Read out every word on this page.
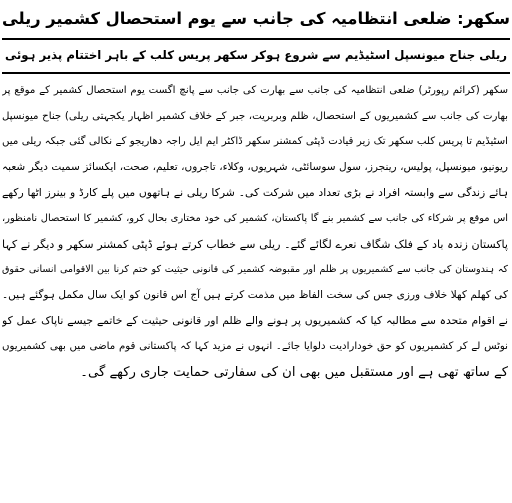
سکھر: ضلعی انتظامیہ کی جانب سے یوم استحصال کشمیر ریلی
ریلی جناح میونسپل اسٹیڈیم سے شروع ہوکر سکھر پریس کلب کے باہر اختتام پذیر ہوئی
سکھر (کرائم رپورٹر) ضلعی انتظامیہ کی جانب سے بھارت کی جانب سے پانچ اگست یوم استحصال کشمیر کے موقع پر
بھارت کی جانب سے کشمیریوں کے استحصال، ظلم وبربریت، جبر کے خلاف کشمیر اظہار یکجہتی ریلی) جناح میونسپل
اسٹیڈیم تا پریس کلب سکھر تک زیر قیادت ڈپٹی کمشنر سکھر ڈاکٹر ایم ایل راجہ دھاریجو کے نکالی گئی جبکہ ریلی میں
ریونیو، میونسپل، پولیس، رینجرز، سول سوسائٹی، شہریوں، وکلاء، تاجروں، تعلیم، صحت، ایکسائز سمیت دیگر شعبہ
ہائے زندگی سے وابستہ افراد نے بڑی تعداد میں شرکت کی۔ شرکا ریلی نے ہاتھوں میں پلے کارڈ و بینرز اٹھا رکھے
اس موقع پر شرکاء کی جانب سے کشمیر بنے گا پاکستان، کشمیر کی خود مختاری بحال کرو، کشمیر کا استحصال نامنظور،
پاکستان زندہ باد کے فلک شگاف نعرے لگائے گئے۔ ریلی سے خطاب کرتے ہوئے ڈپٹی کمشنر سکھر و دیگر نے کہا
کہ ہندوستان کی جانب سے کشمیریوں پر ظلم اور مقبوضہ کشمیر کی قانونی حیثیت کو ختم کرنا بین الاقوامی انسانی حقوق
کی کھلم کھلا خلاف ورزی جس کی سخت الفاظ میں مذمت کرتے ہیں آج اس قانون کو ایک سال مکمل ہوگئے ہیں۔
نے اقوام متحدہ سے مطالبہ کیا کہ کشمیریوں پر ہونے والے ظلم اور قانونی حیثیت کے خاتمے جیسے ناپاک عمل کو
نوٹس لے کر کشمیریوں کو حق خودارادیت دلوایا جائے۔ انہوں نے مزید کہا کہ پاکستانی قوم ماضی میں بھی کشمیریوں
کے ساتھ تھی ہے اور مستقبل میں بھی ان کی سفارتی حمایت جاری رکھے گی۔
